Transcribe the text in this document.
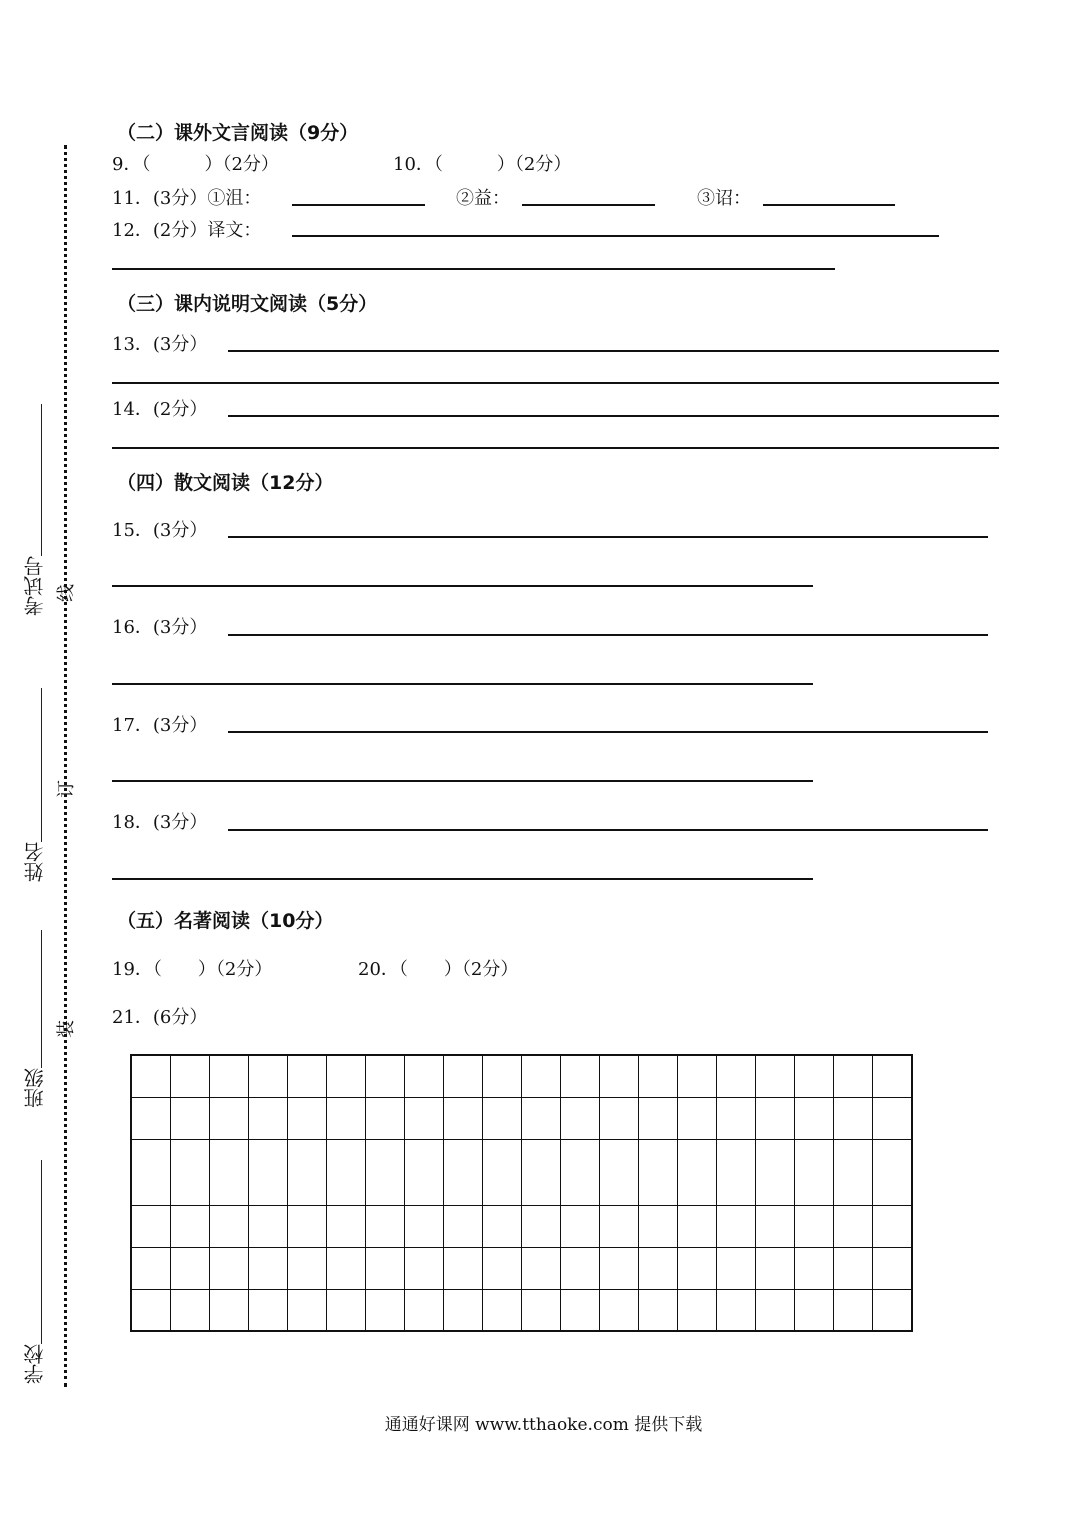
考试号
姓名
班级
学校
线
订
装
（二）课外文言阅读（9分）
9．（　　　）（2分）	10．（　　　）（2分）
11．(3分）①沮：	②益：	③诏：
12．(2分）译文：
（三）课内说明文阅读（5分）
13．(3分）
14．(2分）
（四）散文阅读（12分）
15．(3分）
16．(3分）
17．(3分）
18．(3分）
（五）名著阅读（10分）
19．（　　）（2分）	20．（　　）（2分）
21．(6分）

通通好课网 www.tthaoke.com 提供下载
